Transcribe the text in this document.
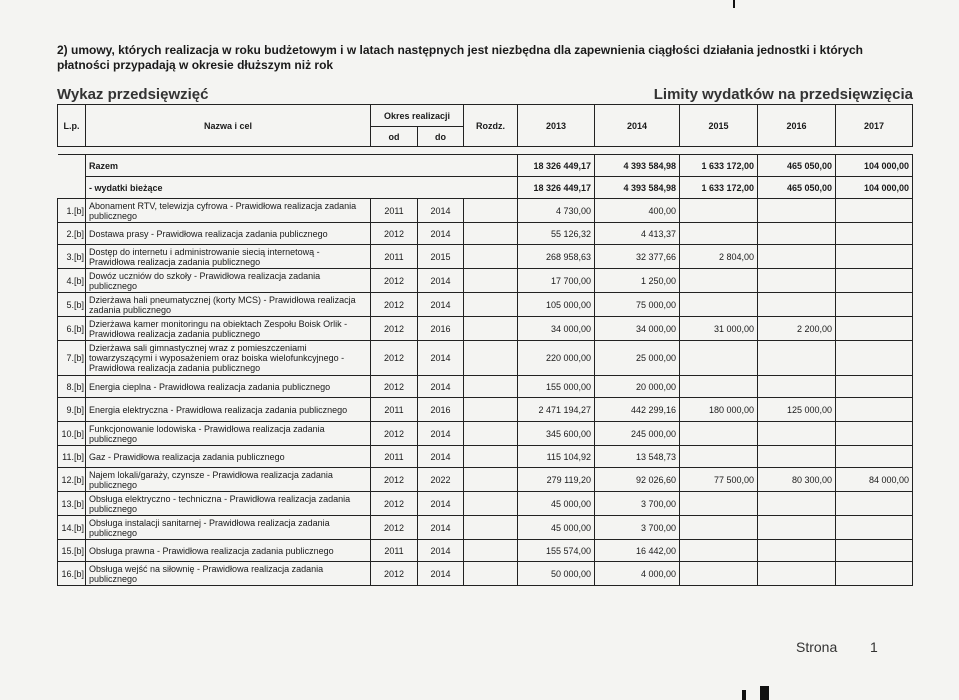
2) umowy, których realizacja w roku budżetowym i w latach następnych jest niezbędna dla zapewnienia ciągłości działania jednostki i których płatności przypadają w okresie dłuższym niż rok
Wykaz przedsięwzięć	Limity wydatków na przedsięwzięcia
L.p.	Nazwa i cel	Okres realizacji		Rozdz.	2013	2014	2015	2016	2017
		od	do						

	Razem				18 326 449,17	4 393 584,98	1 633 172,00	465 050,00	104 000,00
	- wydatki bieżące				18 326 449,17	4 393 584,98	1 633 172,00	465 050,00	104 000,00
1.[b]	Abonament RTV, telewizja cyfrowa - Prawidłowa realizacja zadania publicznego	2011	2014		4 730,00	400,00			
2.[b]	Dostawa prasy - Prawidłowa realizacja zadania publicznego	2012	2014		55 126,32	4 413,37			
3.[b]	Dostęp do internetu i administrowanie siecią internetową - Prawidłowa realizacja zadania publicznego	2011	2015		268 958,63	32 377,66	2 804,00		
4.[b]	Dowóz uczniów do szkoły - Prawidłowa realizacja zadania publicznego	2012	2014		17 700,00	1 250,00			
5.[b]	Dzierżawa hali pneumatycznej (korty MCS) - Prawidłowa realizacja zadania publicznego	2012	2014		105 000,00	75 000,00			
6.[b]	Dzierżawa kamer monitoringu na obiektach Zespołu Boisk Orlik - Prawidłowa realizacja zadania publicznego	2012	2016		34 000,00	34 000,00	31 000,00	2 200,00	
7.[b]	Dzierżawa sali gimnastycznej wraz z pomieszczeniami towarzyszącymi i wyposażeniem oraz boiska wielofunkcyjnego - Prawidłowa realizacja zadania publicznego	2012	2014		220 000,00	25 000,00			
8.[b]	Energia cieplna - Prawidłowa realizacja zadania publicznego	2012	2014		155 000,00	20 000,00			
9.[b]	Energia elektryczna - Prawidłowa realizacja zadania publicznego	2011	2016		2 471 194,27	442 299,16	180 000,00	125 000,00	
10.[b]	Funkcjonowanie lodowiska - Prawidłowa realizacja zadania publicznego	2012	2014		345 600,00	245 000,00			
11.[b]	Gaz - Prawidłowa realizacja zadania publicznego	2011	2014		115 104,92	13 548,73			
12.[b]	Najem lokali/garaży, czynsze - Prawidłowa realizacja zadania publicznego	2012	2022		279 119,20	92 026,60	77 500,00	80 300,00	84 000,00
13.[b]	Obsługa elektryczno - techniczna - Prawidłowa realizacja zadania publicznego	2012	2014		45 000,00	3 700,00			
14.[b]	Obsługa instalacji sanitarnej - Prawidłowa realizacja zadania publicznego	2012	2014		45 000,00	3 700,00			
15.[b]	Obsługa prawna - Prawidłowa realizacja zadania publicznego	2011	2014		155 574,00	16 442,00			
16.[b]	Obsługa wejść na siłownię - Prawidłowa realizacja zadania publicznego	2012	2014		50 000,00	4 000,00			
Strona 1
